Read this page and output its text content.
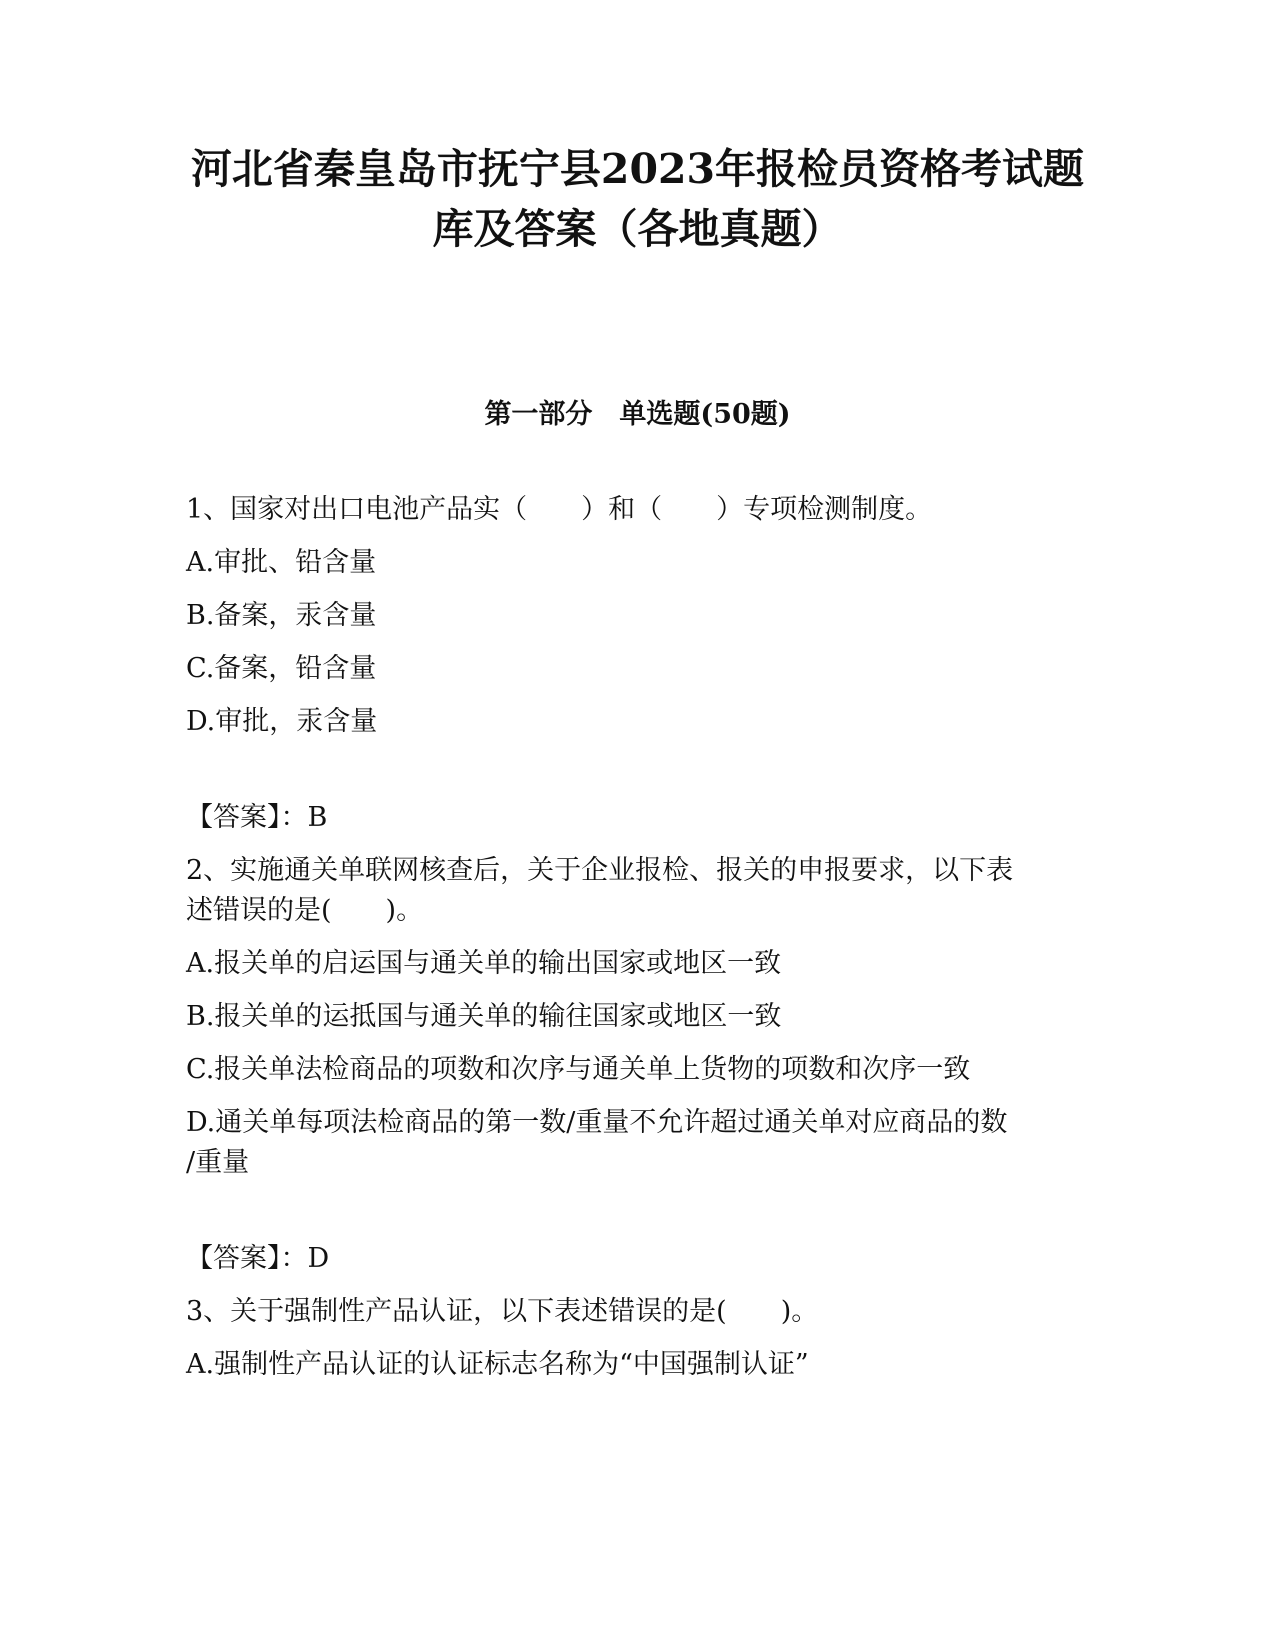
河北省秦皇岛市抚宁县2023年报检员资格考试题
库及答案（各地真题）
第一部分　单选题(50题)

1、国家对出口电池产品实（　　）和（　　）专项检测制度。

A.审批、铅含量

B.备案，汞含量

C.备案，铅含量

D.审批，汞含量

【答案】：B

2、实施通关单联网核查后，关于企业报检、报关的申报要求，以下表

述错误的是(　　)。

A.报关单的启运国与通关单的输出国家或地区一致

B.报关单的运抵国与通关单的输往国家或地区一致

C.报关单法检商品的项数和次序与通关单上货物的项数和次序一致

D.通关单每项法检商品的第一数/重量不允许超过通关单对应商品的数

/重量

【答案】：D

3、关于强制性产品认证，以下表述错误的是(　　)。

A.强制性产品认证的认证标志名称为“中国强制认证”
